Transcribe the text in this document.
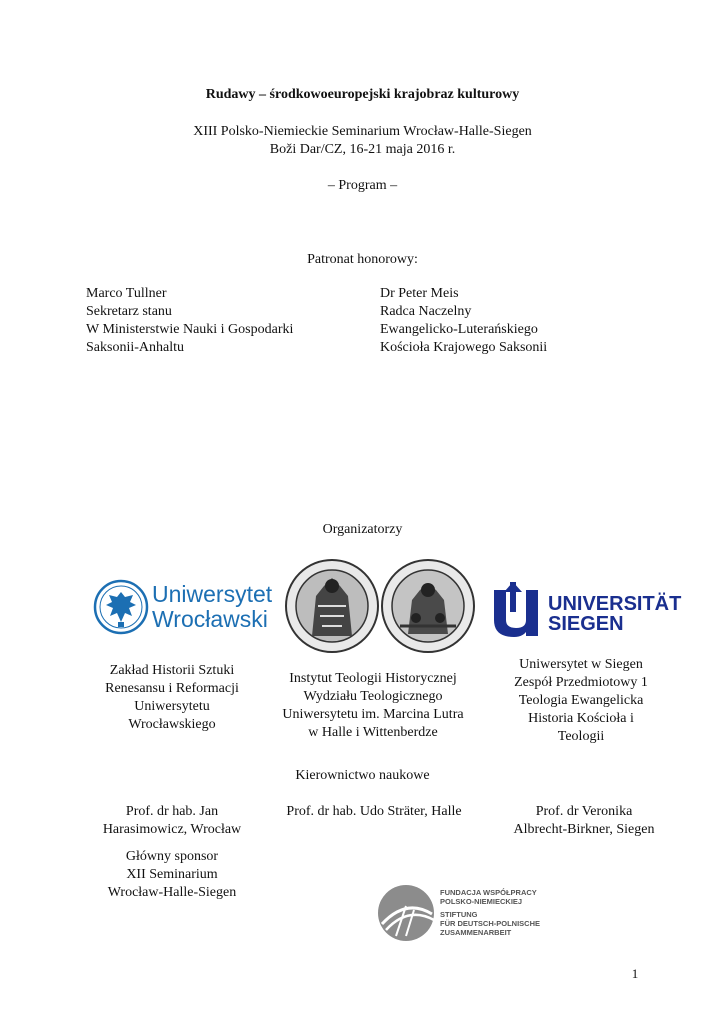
Rudawy – środkowoeuropejski krajobraz kulturowy
XIII Polsko-Niemieckie Seminarium Wrocław-Halle-Siegen
Boži Dar/CZ, 16-21 maja 2016 r.
– Program –
Patronat honorowy:
Marco Tullner
Sekretarz stanu
W Ministerstwie Nauki i Gospodarki
Saksonii-Anhaltu
Dr Peter Meis
Radca Naczelny
Ewangelicko-Luterańskiego
Kościoła Krajowego Saksonii
Organizatorzy
Uniwersytet
Wrocławski
UNIVERSITÄT
SIEGEN
Zakład Historii Sztuki
Renesansu i Reformacji
Uniwersytetu
Wrocławskiego
Instytut Teologii Historycznej
Wydziału Teologicznego
Uniwersytetu im. Marcina Lutra
w Halle i Wittenberdze
Uniwersytet w Siegen
Zespół Przedmiotowy 1
Teologia Ewangelicka
Historia Kościoła i
Teologii
Kierownictwo naukowe
Prof. dr hab. Jan
Harasimowicz, Wrocław
Prof. dr hab. Udo Sträter, Halle	Prof. dr Veronika
Albrecht-Birkner, Siegen
Główny sponsor
XII Seminarium
Wrocław-Halle-Siegen	FUNDACJA WSPÓŁPRACY
POLSKO-NIEMIECKIEJ
STIFTUNG
FÜR DEUTSCH-POLNISCHE
ZUSAMMENARBEIT
1
